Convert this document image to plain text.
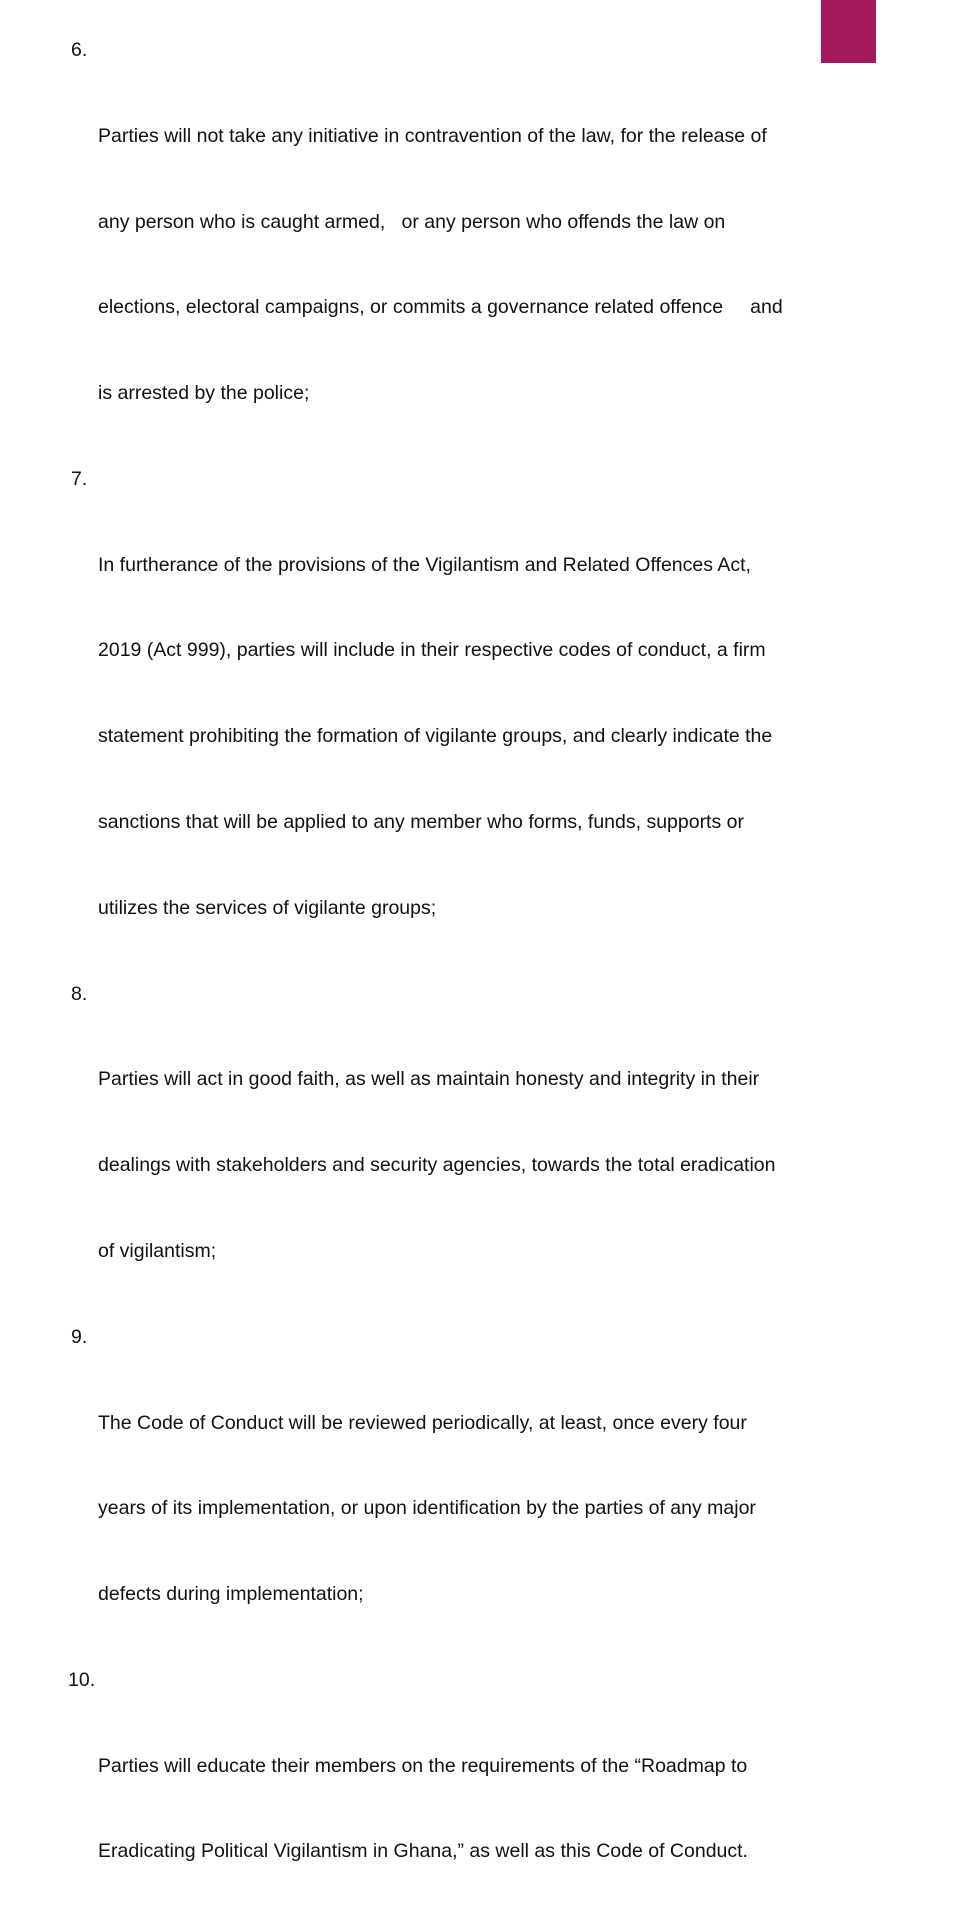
6.

Parties will not take any initiative in contravention of the law, for the release of

any person who is caught armed,   or any person who offends the law on

elections, electoral campaigns, or commits a governance related offence     and

is arrested by the police;

7.

In furtherance of the provisions of the Vigilantism and Related Offences Act,

2019 (Act 999), parties will include in their respective codes of conduct, a firm

statement prohibiting the formation of vigilante groups, and clearly indicate the

sanctions that will be applied to any member who forms, funds, supports or

utilizes the services of vigilante groups;

8.

Parties will act in good faith, as well as maintain honesty and integrity in their

dealings with stakeholders and security agencies, towards the total eradication

of vigilantism;

9.

The Code of Conduct will be reviewed periodically, at least, once every four

years of its implementation, or upon identification by the parties of any major

defects during implementation;

10.

Parties will educate their members on the requirements of the “Roadmap to

Eradicating Political Vigilantism in Ghana,” as well as this Code of Conduct.
